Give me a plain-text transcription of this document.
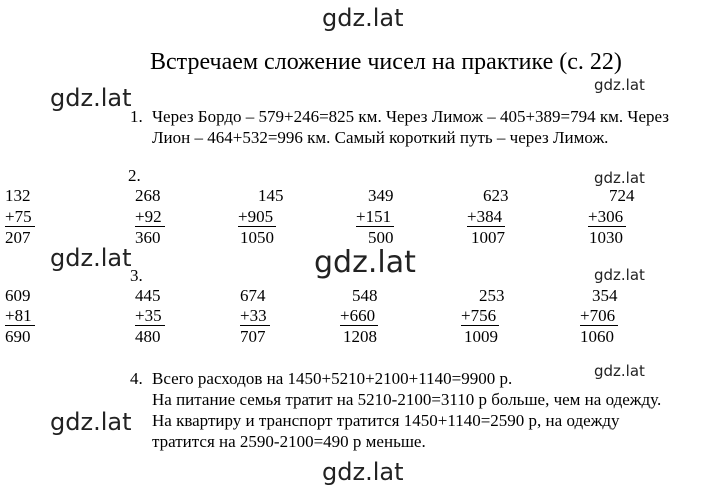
gdz.lat
gdz.lat	gdz.lat
gdz.lat
gdz.lat	gdz.lat	gdz.lat
gdz.lat
gdz.lat
gdz.lat
Встречаем сложение чисел на практике (с. 22)
1. Через Бордо – 579+246=825 км. Через Лимож – 405+389=794 км. Через
Лион – 464+532=996 км. Самый короткий путь – через Лимож.
2.
132
+75
207
268
+92
360
145
+905
1050
349
+151
500
623
+384
1007
724
+306
1030
3.
609
+81
690
445
+35
480
674
+33
707
548
+660
1208
253
+756
1009
354
+706
1060
4. Всего расходов на 1450+5210+2100+1140=9900 р.
На питание семья тратит на 5210-2100=3110 р больше, чем на одежду.
На квартиру и транспорт тратится 1450+1140=2590 р, на одежду
тратится на 2590-2100=490 р меньше.
